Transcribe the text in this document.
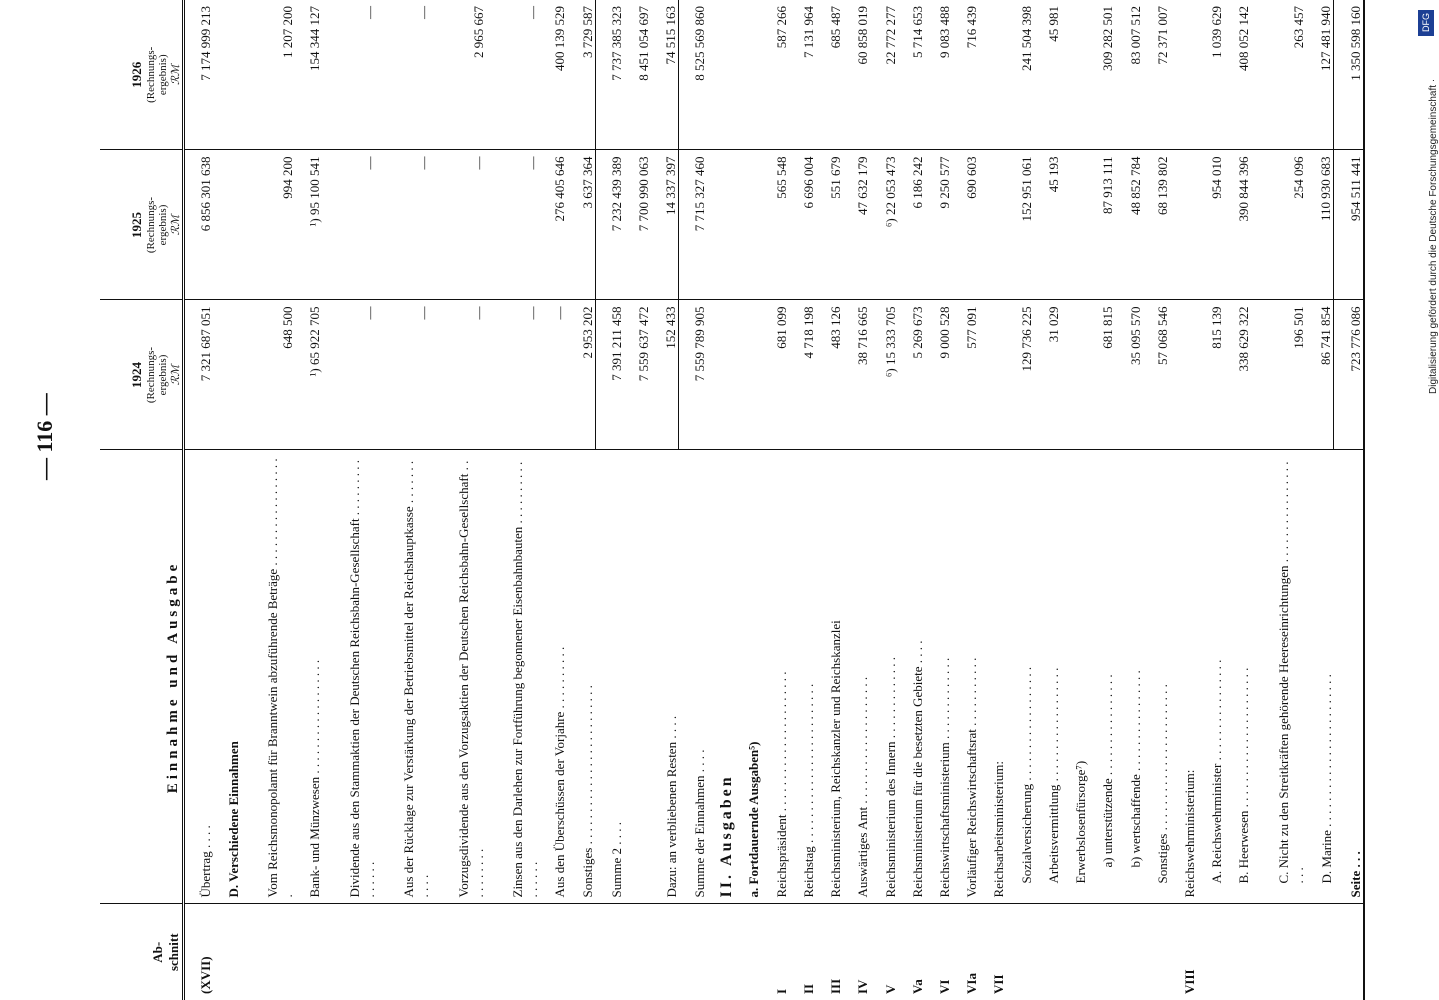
— 116 —
DFG
Digitalisierung gefördert durch die Deutsche Forschungsgemeinschaft ·
Ab-
schnitt	Einnahme und Ausgabe	1924 (Rechnungs-
ergebnis) ℛℳ	1925 (Rechnungs-
ergebnis) ℛℳ	1926 (Rechnungs-
ergebnis) ℛℳ

(XVII)	Übertrag . . . .	7 321 687 051	6 856 301 638	7 174 999 213
	D. Verschiedene Einnahmen			
	Vom Reichsmonopolamt für Branntwein abzuführende Beträge . . . . . . . . . . . . . . . . . .	648 500	994 200	1 207 200
	Bank- und Münzwesen . . . . . . . . . . . . . . . . . .	¹) 65 922 705	¹) 95 100 541	154 344 127
	Dividende aus den Stammaktien der Deutschen Reichsbahn-Gesellschaft . . . . . . . . . . . . . . .	—	—	—
	Aus der Rücklage zur Verstärkung der Betriebsmittel der Reichshauptkasse . . . . . . . . . . .	—	—	—
	Vorzugsdividende aus den Vorzugsaktien der Deutschen Reichsbahn-Gesellschaft . . . . . . . . . .	—	—	2 965 667
	Zinsen aus den Darlehen zur Fortführung begonnener Eisenbahnbauten . . . . . . . . . . . . . . . .	—	—	—
	Aus den Überschüssen der Vorjahre . . . . . . . . . .	—	276 405 646	400 139 529
	Sonstiges . . . . . . . . . . . . . . . . . . . . . . . . .	2 953 202	3 637 364	3 729 587
	Summe 2 . . . .	7 391 211 458	7 232 439 389	7 737 385 323
		7 559 637 472	7 700 990 063	8 451 054 697
	Dazu: an verbliebenen Resten . . . .	152 433	14 337 397	74 515 163
	Summe der Einnahmen . . . .	7 559 789 905	7 715 327 460	8 525 569 860
	II. Ausgaben			
	a. Fortdauernde Ausgaben⁵)			
I	Reichspräsident . . . . . . . . . . . . . . . . . . . . . .	681 099	565 548	587 266
II	Reichstag . . . . . . . . . . . . . . . . . . . . . . . . .	4 718 198	6 696 004	7 131 964
III	Reichsministerium, Reichskanzler und Reichskanzlei	483 126	551 679	685 487
IV	Auswärtiges Amt . . . . . . . . . . . . . . . . . . . .	38 716 665	47 632 179	60 858 019
V	Reichsministerium des Innern . . . . . . . . . . . . .	⁶) 15 333 705	⁶) 22 053 473	22 772 277
Va	Reichsministerium für die besetzten Gebiete . . . .	5 269 673	6 186 242	5 714 653
VI	Reichswirtschaftsministerium . . . . . . . . . . . . .	9 000 528	9 250 577	9 083 488
VIa	Vorläufiger Reichswirtschaftsrat . . . . . . . . . . .	577 091	690 603	716 439
VII	Reichsarbeitsministerium:			
	Sozialversicherung . . . . . . . . . . . . . . . . . .	129 736 225	152 951 061	241 504 398
	Arbeitsvermittlung . . . . . . . . . . . . . . . . . .	31 029	45 193	45 981
	Erwerbslosenfürsorge⁷)			
	a) unterstützende . . . . . . . . . . . . . . . .	681 815	87 913 111	309 282 501
	b) wertschaffende . . . . . . . . . . . . . . . .	35 095 570	48 852 784	83 007 512
	Sonstiges . . . . . . . . . . . . . . . . . . . . . . .	57 068 546	68 139 802	72 371 007
VIII	Reichswehrministerium:			
	A. Reichswehrminister . . . . . . . . . . . . . . . .	815 139	954 010	1 039 629
	B. Heerwesen . . . . . . . . . . . . . . . . . . . . . .	338 629 322	390 844 396	408 052 142
	C. Nicht zu den Streitkräften gehörende Heereseinrichtungen . . . . . . . . . . . . . . . . . . .	196 501	254 096	263 457
	D. Marine . . . . . . . . . . . . . . . . . . . . . . . .	86 741 854	110 930 683	127 481 940
	Seite . . .	723 776 086	954 511 441	1 350 598 160
